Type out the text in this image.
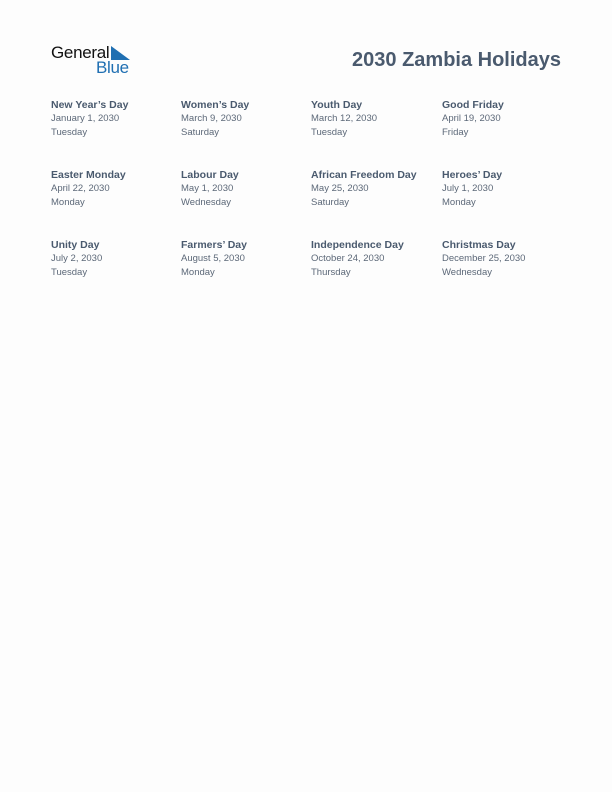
General
Blue	2030 Zambia Holidays
New Year’s Day
January 1, 2030
Tuesday
Women’s Day
March 9, 2030
Saturday
Youth Day
March 12, 2030
Tuesday
Good Friday
April 19, 2030
Friday
Easter Monday
April 22, 2030
Monday
Labour Day
May 1, 2030
Wednesday
African Freedom Day
May 25, 2030
Saturday
Heroes’ Day
July 1, 2030
Monday
Unity Day
July 2, 2030
Tuesday
Farmers’ Day
August 5, 2030
Monday
Independence Day
October 24, 2030
Thursday
Christmas Day
December 25, 2030
Wednesday
